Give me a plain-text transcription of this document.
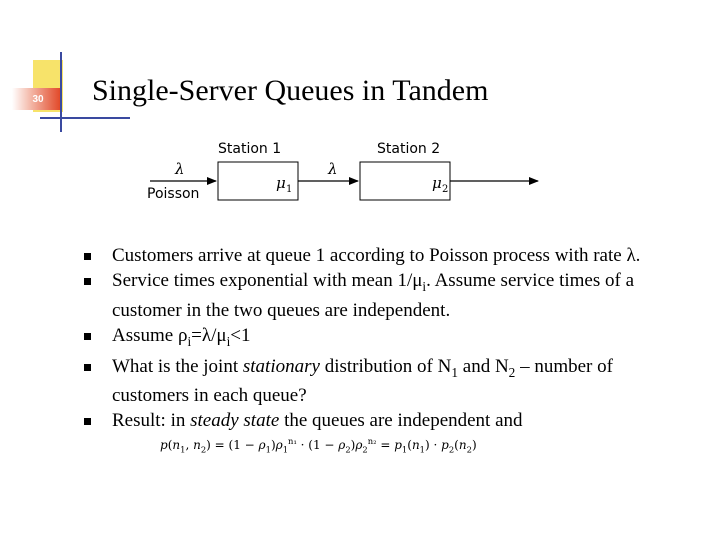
30 Single-Server Queues in Tandem
Station 1	Station 2
Poisson
λ	λ
μ 1	μ 2
Customers arrive at queue 1 according to Poisson process with rate λ.
Service times exponential with mean $1/\mu_i$. Assume service times of a customer in the two queues are independent.
Assume $\rho_i=\lambda/\mu_i<1$
What is the joint stationary distribution of $N_1$ and $N_2$ – number of customers in each queue?
Result: in steady state the queues are independent and
$p(n_1$, $n_2) = (1 - \rho_1)\rho_1^{n_1} \cdot (1 - \rho_2)\rho_2^{n_2} = p_1(n_1) \cdot p_2(n_2)$
